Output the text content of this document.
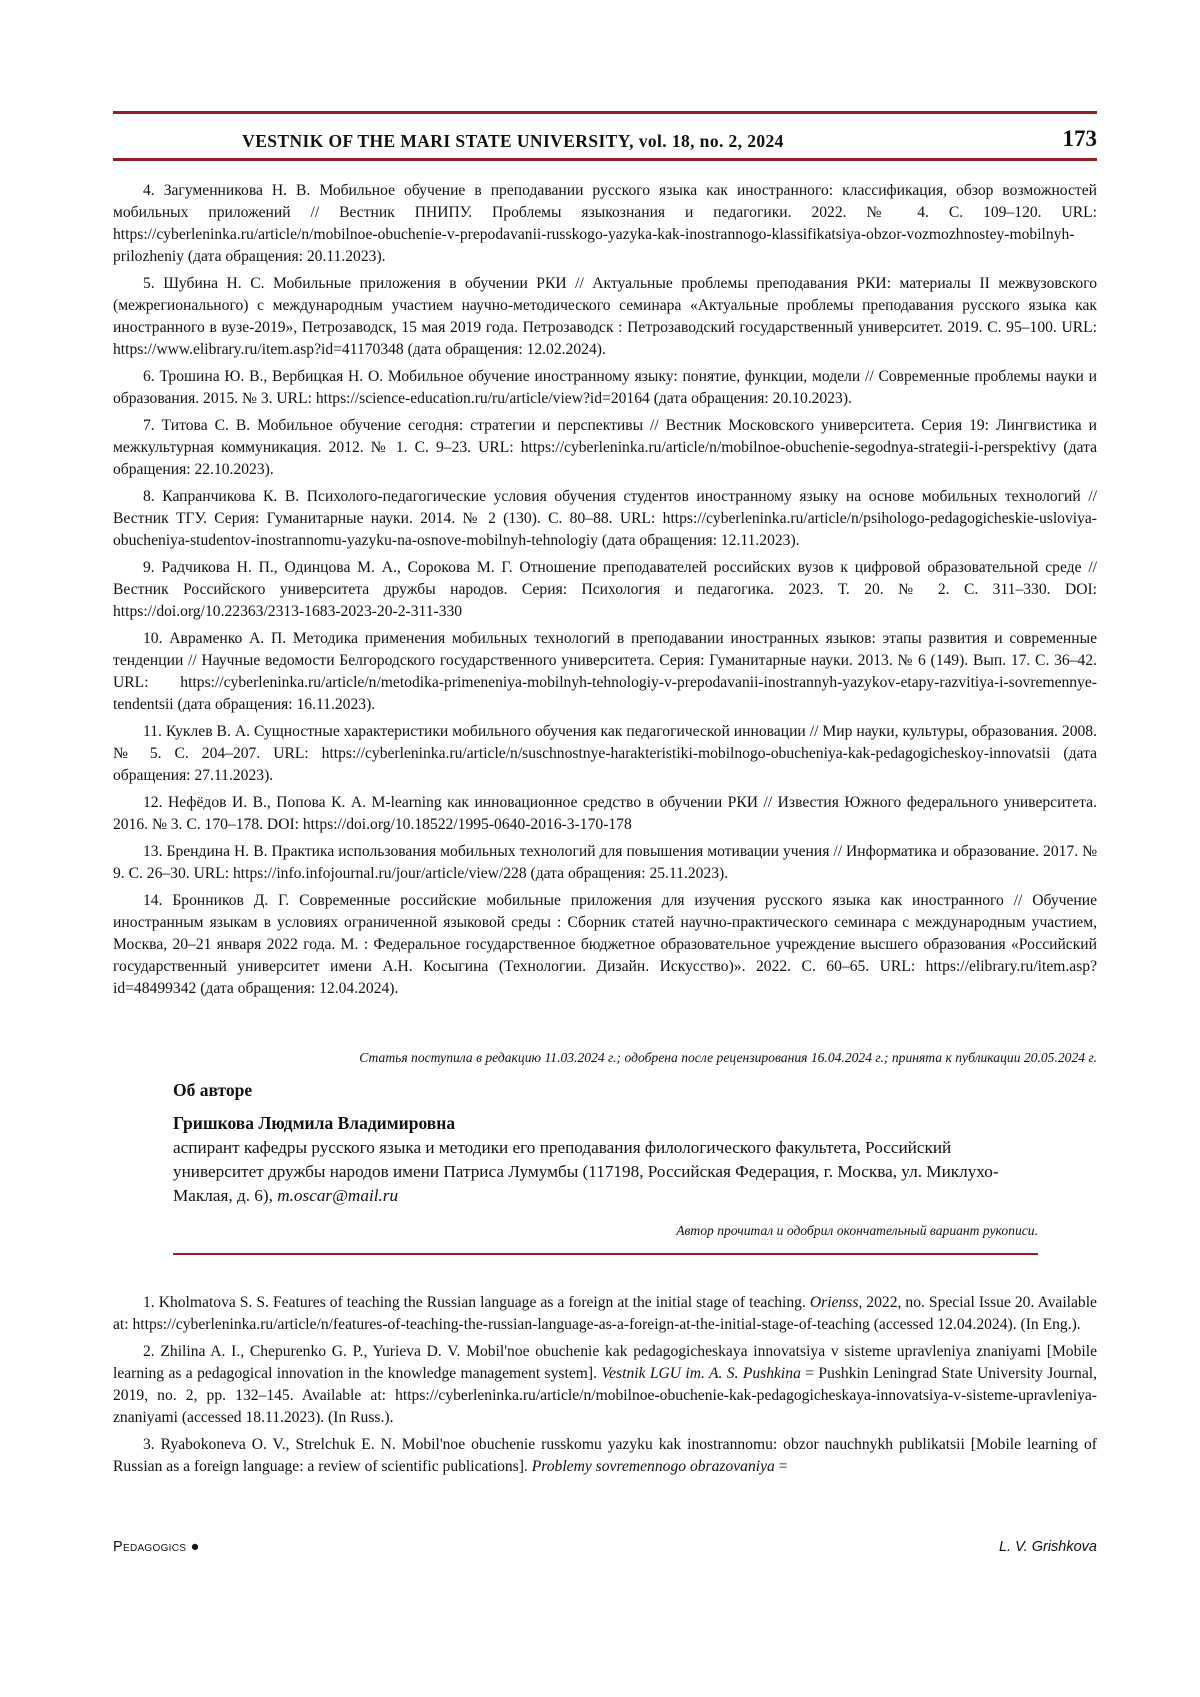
VESTNIK OF THE MARI STATE UNIVERSITY, vol. 18, no. 2, 2024	173

4. Загуменникова Н. В. Мобильное обучение в преподавании русского языка как иностранного: классификация, обзор возможностей мобильных приложений // Вестник ПНИПУ. Проблемы языкознания и педагогики. 2022. № 4. С. 109–120. URL: https://cyberleninka.ru/article/n/mobilnoe-obuchenie-v-prepodavanii-russkogo-yazyka-kak-inostrannogo-klassifikatsiya-obzor-vozmozhnostey-mobilnyh-prilozheniy (дата обращения: 20.11.2023).

5. Шубина Н. С. Мобильные приложения в обучении РКИ // Актуальные проблемы преподавания РКИ: материалы II межвузовского (межрегионального) с международным участием научно-методического семинара «Актуальные проблемы преподавания русского языка как иностранного в вузе-2019», Петрозаводск, 15 мая 2019 года. Петрозаводск : Петрозаводский государственный университет. 2019. С. 95–100. URL: https://www.elibrary.ru/item.asp?id=41170348 (дата обращения: 12.02.2024).

6. Трошина Ю. В., Вербицкая Н. О. Мобильное обучение иностранному языку: понятие, функции, модели // Современные проблемы науки и образования. 2015. № 3. URL: https://science-education.ru/ru/article/view?id=20164 (дата обращения: 20.10.2023).

7. Титова С. В. Мобильное обучение сегодня: стратегии и перспективы // Вестник Московского университета. Серия 19: Лингвистика и межкультурная коммуникация. 2012. № 1. С. 9–23. URL: https://cyberleninka.ru/article/n/mobilnoe-obuchenie-segodnya-strategii-i-perspektivy (дата обращения: 22.10.2023).

8. Капранчикова К. В. Психолого-педагогические условия обучения студентов иностранному языку на основе мобильных технологий // Вестник ТГУ. Серия: Гуманитарные науки. 2014. № 2 (130). С. 80–88. URL: https://cyberleninka.ru/article/n/psihologo-pedagogicheskie-usloviya-obucheniya-studentov-inostrannomu-yazyku-na-osnove-mobilnyh-tehnologiy (дата обращения: 12.11.2023).

9. Радчикова Н. П., Одинцова М. А., Сорокова М. Г. Отношение преподавателей российских вузов к цифровой образовательной среде // Вестник Российского университета дружбы народов. Серия: Психология и педагогика. 2023. Т. 20. № 2. С. 311–330. DOI: https://doi.org/10.22363/2313-1683-2023-20-2-311-330

10. Авраменко А. П. Методика применения мобильных технологий в преподавании иностранных языков: этапы развития и современные тенденции // Научные ведомости Белгородского государственного университета. Серия: Гуманитарные науки. 2013. № 6 (149). Вып. 17. С. 36–42. URL: https://cyberleninka.ru/article/n/metodika-primeneniya-mobilnyh-tehnologiy-v-prepodavanii-inostrannyh-yazykov-etapy-razvitiya-i-sovremennye-tendentsii (дата обращения: 16.11.2023).

11. Куклев В. А. Сущностные характеристики мобильного обучения как педагогической инновации // Мир науки, культуры, образования. 2008. № 5. С. 204–207. URL: https://cyberleninka.ru/article/n/suschnostnye-harakteristiki-mobilnogo-obucheniya-kak-pedagogicheskoy-innovatsii (дата обращения: 27.11.2023).

12. Нефёдов И. В., Попова К. А. M-learning как инновационное средство в обучении РКИ // Известия Южного федерального университета. 2016. № 3. С. 170–178. DOI: https://doi.org/10.18522/1995-0640-2016-3-170-178

13. Брендина Н. В. Практика использования мобильных технологий для повышения мотивации учения // Информатика и образование. 2017. № 9. С. 26–30. URL: https://info.infojournal.ru/jour/article/view/228 (дата обращения: 25.11.2023).

14. Бронников Д. Г. Современные российские мобильные приложения для изучения русского языка как иностранного // Обучение иностранным языкам в условиях ограниченной языковой среды : Сборник статей научно-практического семинара с международным участием, Москва, 20–21 января 2022 года. М. : Федеральное государственное бюджетное образовательное учреждение высшего образования «Российский государственный университет имени А.Н. Косыгина (Технологии. Дизайн. Искусство)». 2022. С. 60–65. URL: https://elibrary.ru/item.asp?id=48499342 (дата обращения: 12.04.2024).

Статья поступила в редакцию 11.03.2024 г.; одобрена после рецензирования 16.04.2024 г.; принята к публикации 20.05.2024 г.

Об авторе

Гришкова Людмила Владимировна

аспирант кафедры русского языка и методики его преподавания филологического факультета, Российский университет дружбы народов имени Патриса Лумумбы (117198, Российская Федерация, г. Москва, ул. Миклухо-Маклая, д. 6), m.oscar@mail.ru

Автор прочитал и одобрил окончательный вариант рукописи.

1. Kholmatova S. S. Features of teaching the Russian language as a foreign at the initial stage of teaching. Orienss, 2022, no. Special Issue 20. Available at: https://cyberleninka.ru/article/n/features-of-teaching-the-russian-language-as-a-foreign-at-the-initial-stage-of-teaching (accessed 12.04.2024). (In Eng.).

2. Zhilina A. I., Chepurenko G. P., Yurieva D. V. Mobil'noe obuchenie kak pedagogicheskaya innovatsiya v sisteme upravleniya znaniyami [Mobile learning as a pedagogical innovation in the knowledge management system]. Vestnik LGU im. A. S. Pushkina = Pushkin Leningrad State University Journal, 2019, no. 2, pp. 132–145. Available at: https://cyberleninka.ru/article/n/mobilnoe-obuchenie-kak-pedagogicheskaya-innovatsiya-v-sisteme-upravleniya-znaniyami (accessed 18.11.2023). (In Russ.).

3. Ryabokoneva O. V., Strelchuk E. N. Mobil'noe obuchenie russkomu yazyku kak inostrannomu: obzor nauchnykh publikatsii [Mobile learning of Russian as a foreign language: a review of scientific publications]. Problemy sovremennogo obrazovaniya =

Pedagogics ●	L. V. Grishkova
